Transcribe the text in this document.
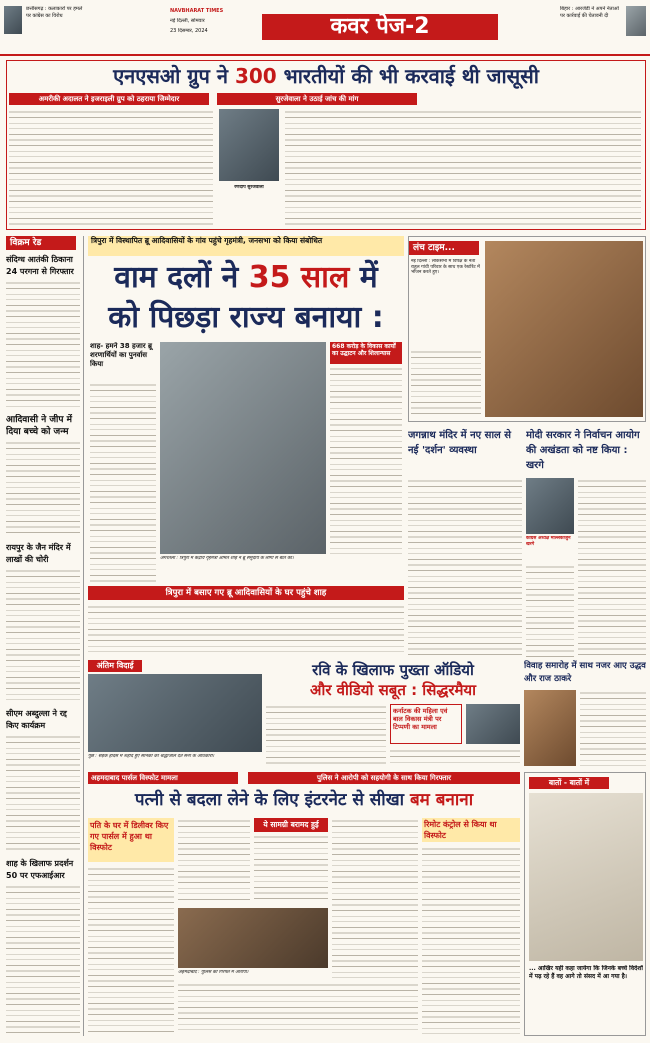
छत्तीसगढ़ : कलाकारों पर हमले पर कांग्रेस का विरोध
NAVBHARAT TIMES
नई दिल्ली, सोमवार
23 दिसम्बर, 2024	कवर पेज-2
बिहार : आरजेडी ने अपने नेताओं पर कार्रवाई की चेतावनी दी
एनएसओ ग्रुप ने 300 भारतीयों की भी करवाई थी जासूसी
अमरीकी अदालत ने इजराइली ग्रुप को ठहराया जिम्मेदार	सुरजेवाला ने उठाई जांच की मांग
रणदीप सुरजेवाला
विक्रम रेड
संदिग्ध आतंकी ठिकाना 24 परगना से गिरफ्तार
आदिवासी ने जीप में दिया बच्चे को जन्म
रायपुर के जैन मंदिर में लाखों की चोरी
सीएम अब्दुल्ला ने रद्द किए कार्यक्रम
शाह के खिलाफ प्रदर्शन 50 पर एफआईआर
त्रिपुरा में विस्थापित ब्रू आदिवासियों के गांव पहुंचे गृहमंत्री, जनसभा को किया संबोधित
वाम दलों ने 35 साल में
को पिछड़ा राज्य बनाया :
शाह- हमने 38 हजार ब्रू शरणार्थियों का पुनर्वास किया
अगरतला : त्रिपुरा में केंद्रीय गृहमंत्री अमित शाह ने ब्रू समुदाय के लोगों से बात की।
668 करोड़ के विकास कार्यों का उद्घाटन और शिलान्यास
त्रिपुरा में बसाए गए ब्रू आदिवासियों के घर पहुंचे शाह
लंच टाइम...
नई दिल्ली : लोकसभा में विपक्ष के नेता राहुल गांधी परिवार के साथ एक रेस्टोरेंट में भोजन करते हुए।
जगन्नाथ मंदिर में नए साल से नई 'दर्शन' व्यवस्था
मोदी सरकार ने निर्वाचन आयोग की अखंडता को नष्ट किया : खरगे
कांग्रेस अध्यक्ष मल्लिकार्जुन खरगे
अंतिम विदाई
पुंछ : सड़क हादसे में शहीद हुए सैनिकों को श्रद्धांजलि देते सेना के अधिकारी।
रवि के खिलाफ पुख्ता ऑडियो
और वीडियो सबूत : सिद्धरमैया
कर्नाटक की महिला एवं बाल विकास मंत्री पर टिप्पणी का मामला
विवाह समारोह में साथ नजर आए उद्धव और राज ठाकरे
बातों - बातों में
... आखिर यही कहा जायेगा कि जिनके बच्चे विदेशों में पढ़ रहे हैं वह आगे तो संसद में आ गया है।
अहमदाबाद पार्सल विस्फोट मामला	पुलिस ने आरोपी को सहयोगी के साथ किया गिरफ्तार
पत्नी से बदला लेने के लिए इंटरनेट से सीखा बम बनाना
पति के घर में डिलीवर किए गए पार्सल में हुआ था विस्फोट
अहमदाबाद : पुलिस की गिरफ्त में आरोपी।
ये सामग्री बरामद हुई	रिमोट कंट्रोल से किया था विस्फोट
